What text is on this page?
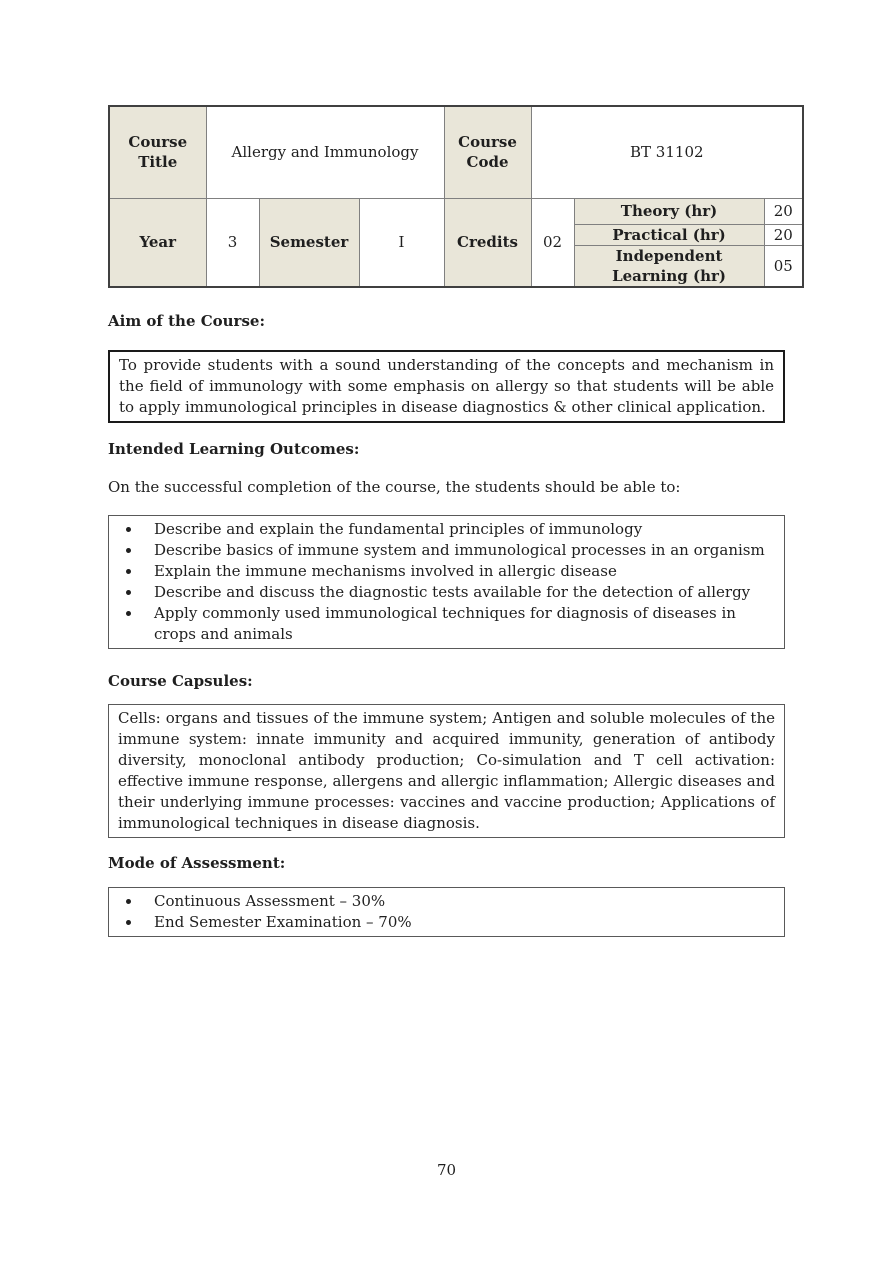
Course Title	Allergy and Immunology			Course Code	BT 31102		
Year	3	Semester	I	Credits	02	Theory (hr)	20
						Practical (hr)	20
						Independent Learning (hr)	05
Aim of the Course:

To provide students with a sound understanding of the concepts and mechanism in the field of immunology with some emphasis on allergy so that students will be able to apply immunological principles in disease diagnostics & other clinical application.

Intended Learning Outcomes:

On the successful completion of the course, the students should be able to:

• Describe and explain the fundamental principles of immunology
• Describe basics of immune system and immunological processes in an organism
• Explain the immune mechanisms involved in allergic disease
• Describe and discuss the diagnostic tests available for the detection of allergy
• Apply commonly used immunological techniques for diagnosis of diseases in crops and animals
Course Capsules:

Cells: organs and tissues of the immune system; Antigen and soluble molecules of the immune system: innate immunity and acquired immunity, generation of antibody diversity, monoclonal antibody production; Co-simulation and T cell activation: effective immune response, allergens and allergic inflammation; Allergic diseases and their underlying immune processes: vaccines and vaccine production; Applications of immunological techniques in disease diagnosis.

Mode of Assessment:
• Continuous Assessment – 30%
• End Semester Examination – 70%
70
